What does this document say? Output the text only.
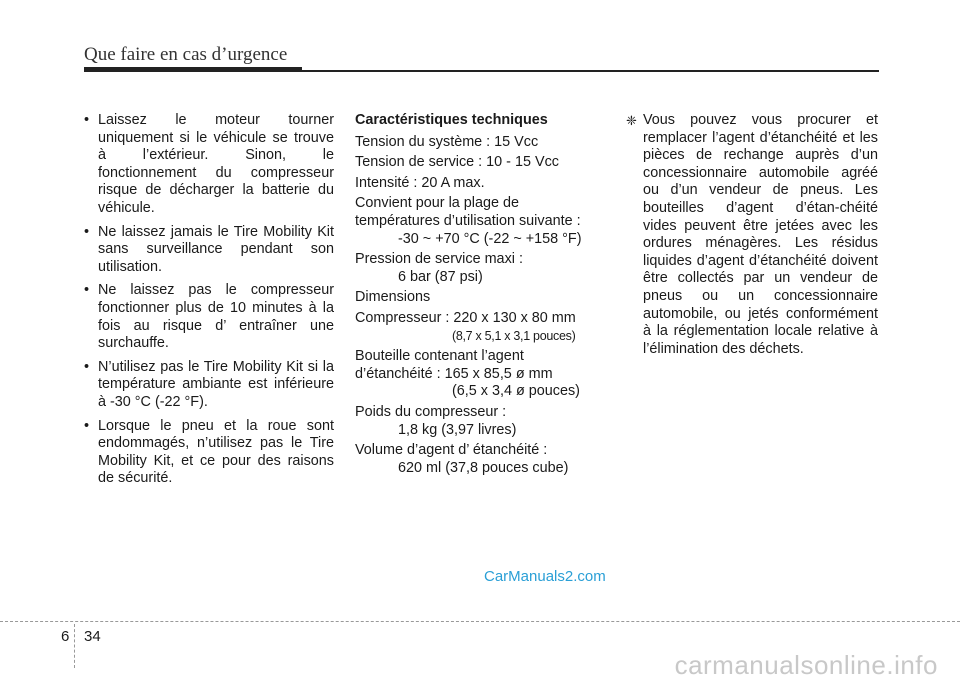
Que faire en cas d’urgence
• Laissez le moteur tourner uniquement si le véhicule se trouve à l’extérieur. Sinon, le fonctionnement du compresseur risque de décharger la batterie du véhicule.
• Ne laissez jamais le Tire Mobility Kit sans surveillance pendant son utilisation.
• Ne laissez pas le compresseur fonctionner plus de 10 minutes à la fois au risque d’ entraîner une surchauffe.
• N’utilisez pas le Tire Mobility Kit si la température ambiante est inférieure à -30 °C (-22 °F).
• Lorsque le pneu et la roue sont endommagés, n’utilisez pas le Tire Mobility Kit, et ce pour des raisons de sécurité.
Caractéristiques techniques
Tension du système : 15 Vcc
Tension de service : 10 - 15 Vcc
Intensité : 20 A max.
Convient pour la plage de
températures d’utilisation suivante :
-30 ~ +70 °C (-22 ~ +158 °F)
Pression de service maxi :
6 bar (87 psi)
Dimensions
Compresseur : 220 x 130 x 80 mm
(8,7 x 5,1 x 3,1 pouces)
Bouteille contenant l’agent
d’étanchéité : 165 x 85,5 ø mm
(6,5 x 3,4 ø pouces)
Poids du compresseur :
1,8 kg (3,97 livres)
Volume d’agent d’ étanchéité :
620 ml (37,8 pouces cube)
❈ Vous pouvez vous procurer et remplacer l’agent d’étanchéité et les pièces de rechange auprès d’un concessionnaire automobile agréé ou d’un vendeur de pneus. Les bouteilles d’agent d’étan-chéité vides peuvent être jetées avec les ordures ménagères. Les résidus liquides d’agent d’étanchéité doivent être collectés par un vendeur de pneus ou un concessionnaire automobile, ou jetés conformément à la réglementation locale relative à l’élimination des déchets.
CarManuals2.com
6 34
carmanualsonline.info
